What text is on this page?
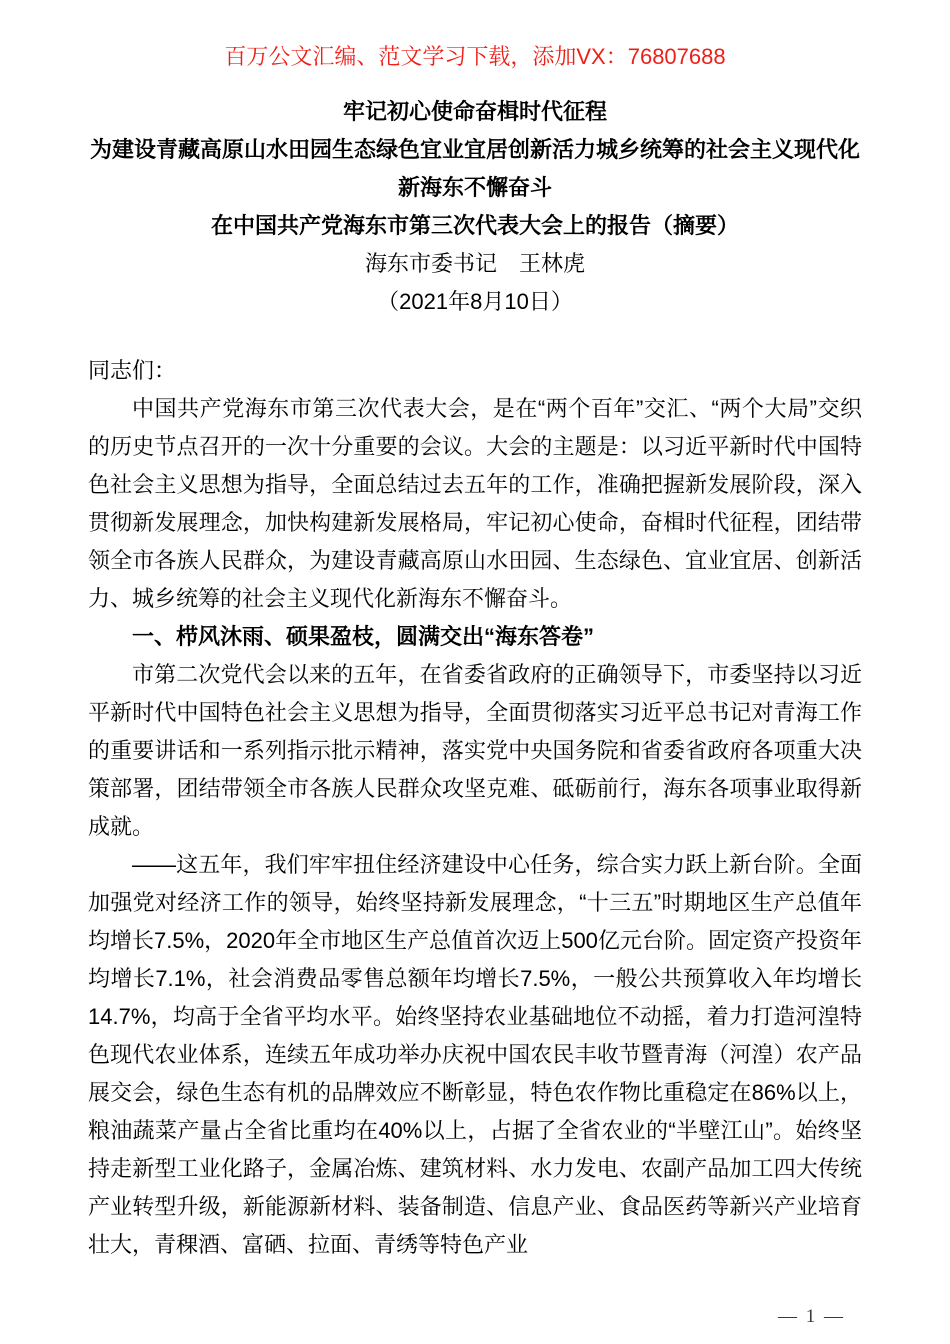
百万公文汇编、范文学习下载，添加VX：76807688
牢记初心使命奋楫时代征程
为建设青藏高原山水田园生态绿色宜业宜居创新活力城乡统筹的社会主义现代化新海东不懈奋斗
在中国共产党海东市第三次代表大会上的报告（摘要）
海东市委书记　王林虎
（2021年8月10日）

同志们：

中国共产党海东市第三次代表大会，是在“两个百年”交汇、“两个大局”交织的历史节点召开的一次十分重要的会议。大会的主题是：以习近平新时代中国特色社会主义思想为指导，全面总结过去五年的工作，准确把握新发展阶段，深入贯彻新发展理念，加快构建新发展格局，牢记初心使命，奋楫时代征程，团结带领全市各族人民群众，为建设青藏高原山水田园、生态绿色、宜业宜居、创新活力、城乡统筹的社会主义现代化新海东不懈奋斗。

一、栉风沐雨、硕果盈枝，圆满交出“海东答卷”

市第二次党代会以来的五年，在省委省政府的正确领导下，市委坚持以习近平新时代中国特色社会主义思想为指导，全面贯彻落实习近平总书记对青海工作的重要讲话和一系列指示批示精神，落实党中央国务院和省委省政府各项重大决策部署，团结带领全市各族人民群众攻坚克难、砥砺前行，海东各项事业取得新成就。

——这五年，我们牢牢扭住经济建设中心任务，综合实力跃上新台阶。全面加强党对经济工作的领导，始终坚持新发展理念，“十三五”时期地区生产总值年均增长7.5%，2020年全市地区生产总值首次迈上500亿元台阶。固定资产投资年均增长7.1%，社会消费品零售总额年均增长7.5%，一般公共预算收入年均增长14.7%，均高于全省平均水平。始终坚持农业基础地位不动摇，着力打造河湟特色现代农业体系，连续五年成功举办庆祝中国农民丰收节暨青海（河湟）农产品展交会，绿色生态有机的品牌效应不断彰显，特色农作物比重稳定在86%以上，粮油蔬菜产量占全省比重均在40%以上，占据了全省农业的“半壁江山”。始终坚持走新型工业化路子，金属冶炼、建筑材料、水力发电、农副产品加工四大传统产业转型升级，新能源新材料、装备制造、信息产业、食品医药等新兴产业培育壮大，青稞酒、富硒、拉面、青绣等特色产业

— 1 —
